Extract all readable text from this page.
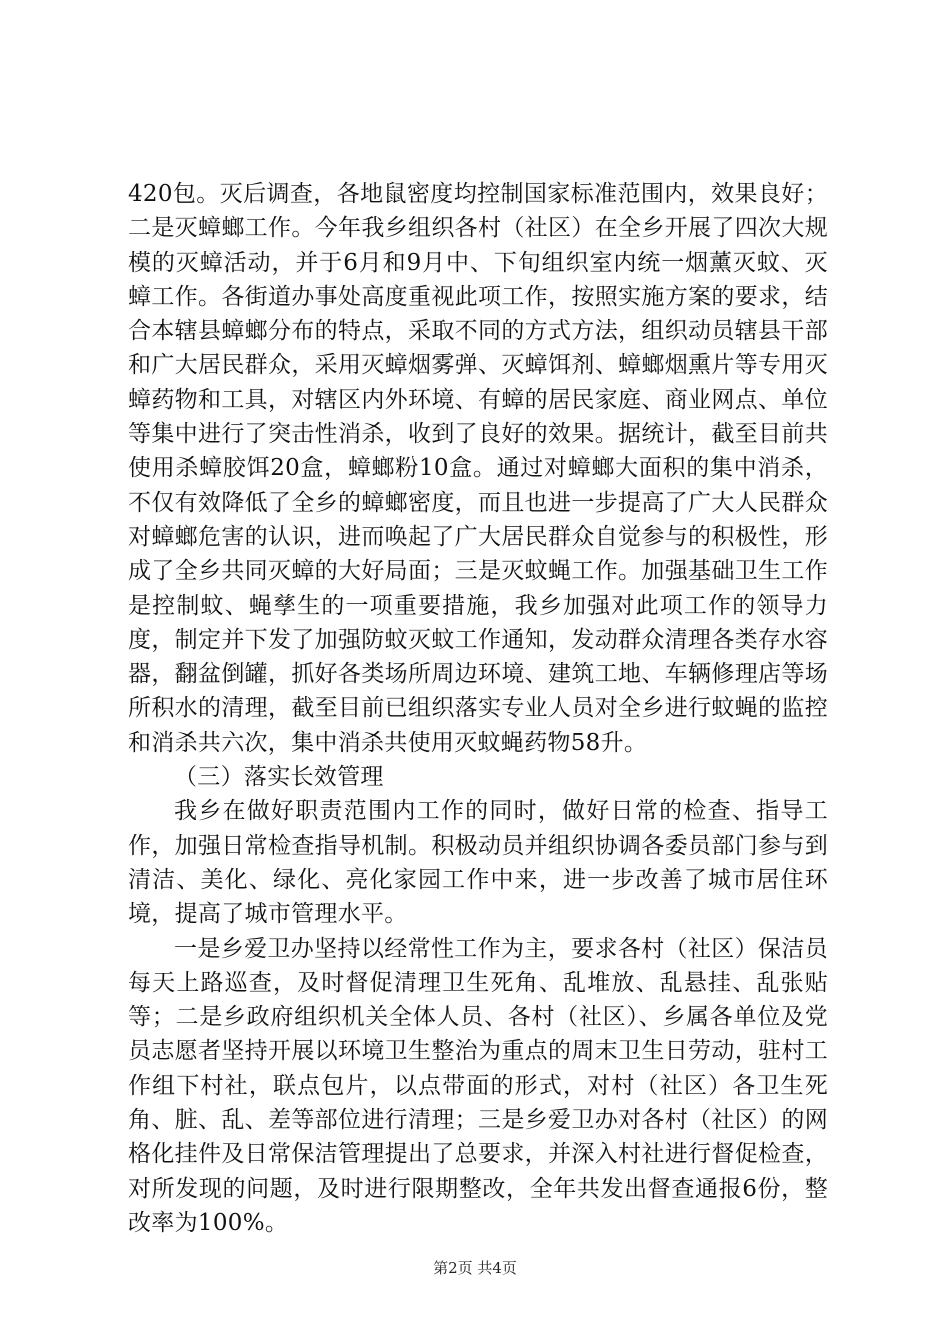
420包。灭后调查，各地鼠密度均控制国家标准范围内，效果良好；二是灭蟑螂工作。今年我乡组织各村（社区）在全乡开展了四次大规模的灭蟑活动，并于6月和9月中、下旬组织室内统一烟薰灭蚊、灭蟑工作。各街道办事处高度重视此项工作，按照实施方案的要求，结合本辖县蟑螂分布的特点，采取不同的方式方法，组织动员辖县干部和广大居民群众，采用灭蟑烟雾弹、灭蟑饵剂、蟑螂烟熏片等专用灭蟑药物和工具，对辖区内外环境、有蟑的居民家庭、商业网点、单位等集中进行了突击性消杀，收到了良好的效果。据统计，截至目前共使用杀蟑胶饵20盒，蟑螂粉10盒。通过对蟑螂大面积的集中消杀，不仅有效降低了全乡的蟑螂密度，而且也进一步提高了广大人民群众对蟑螂危害的认识，进而唤起了广大居民群众自觉参与的积极性，形成了全乡共同灭蟑的大好局面；三是灭蚊蝇工作。加强基础卫生工作是控制蚊、蝇孳生的一项重要措施，我乡加强对此项工作的领导力度，制定并下发了加强防蚊灭蚊工作通知，发动群众清理各类存水容器，翻盆倒罐，抓好各类场所周边环境、建筑工地、车辆修理店等场所积水的清理，截至目前已组织落实专业人员对全乡进行蚊蝇的监控和消杀共六次，集中消杀共使用灭蚊蝇药物58升。

（三）落实长效管理

我乡在做好职责范围内工作的同时，做好日常的检查、指导工作，加强日常检查指导机制。积极动员并组织协调各委员部门参与到清洁、美化、绿化、亮化家园工作中来，进一步改善了城市居住环境，提高了城市管理水平。

一是乡爱卫办坚持以经常性工作为主，要求各村（社区）保洁员每天上路巡查，及时督促清理卫生死角、乱堆放、乱悬挂、乱张贴等；二是乡政府组织机关全体人员、各村（社区）、乡属各单位及党员志愿者坚持开展以环境卫生整治为重点的周末卫生日劳动，驻村工作组下村社，联点包片，以点带面的形式，对村（社区）各卫生死角、脏、乱、差等部位进行清理；三是乡爱卫办对各村（社区）的网格化挂件及日常保洁管理提出了总要求，并深入村社进行督促检查，对所发现的问题，及时进行限期整改，全年共发出督查通报6份，整改率为100%。

第2页 共4页
